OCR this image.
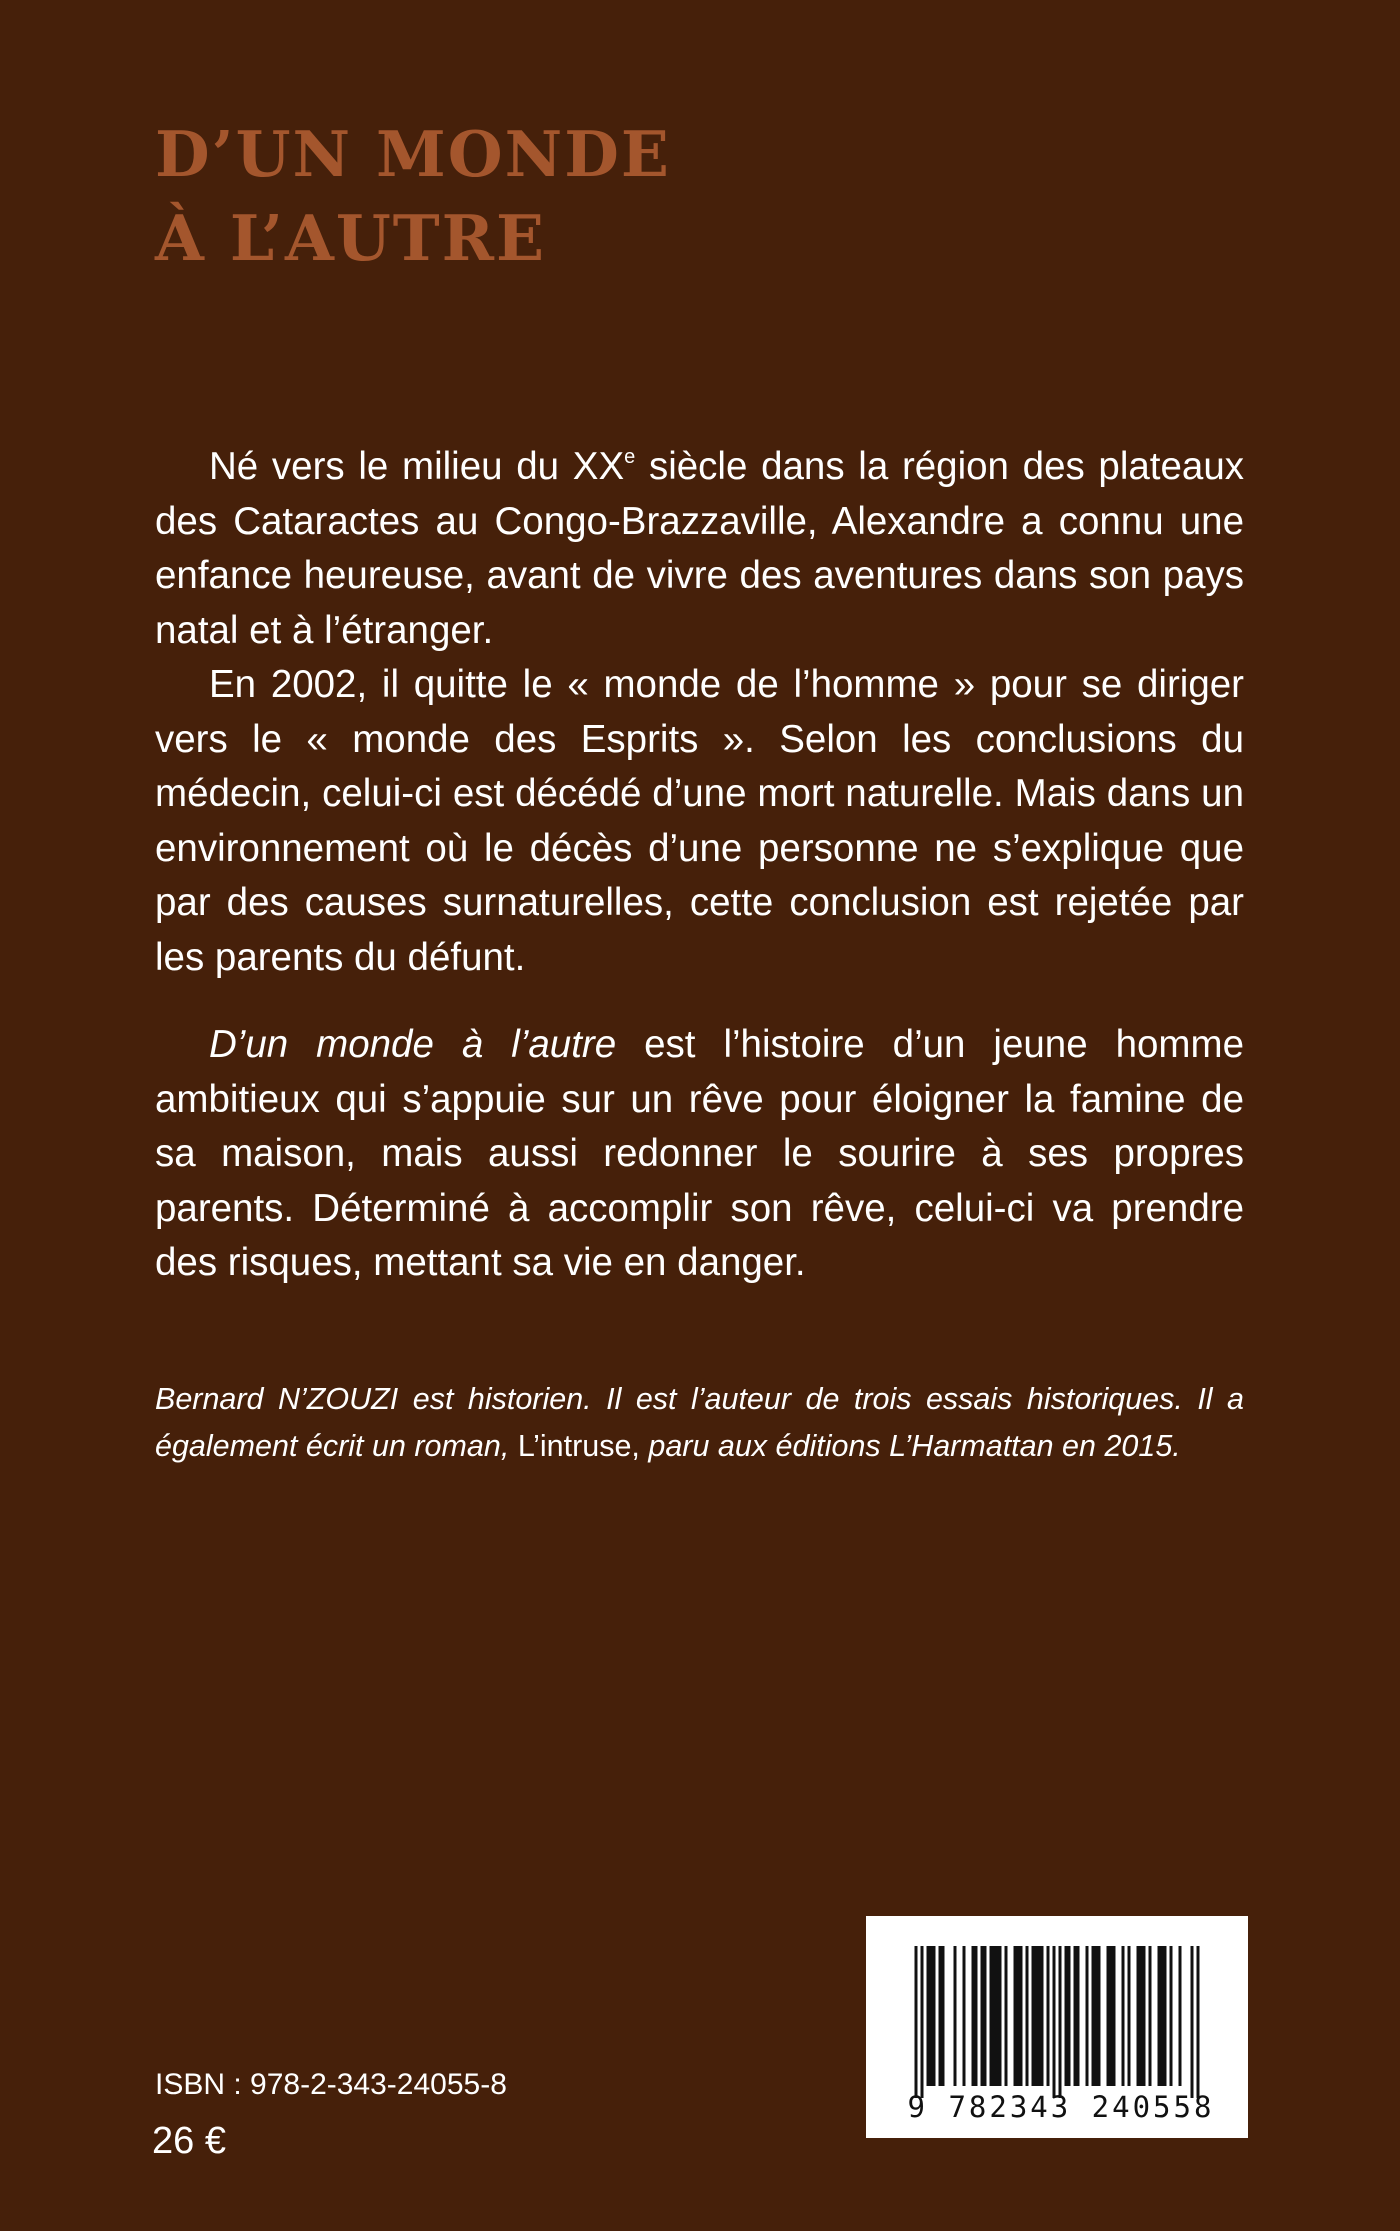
D’UN MONDE
À L’AUTRE

Né vers le milieu du XXe siècle dans la région des plateaux des Cataractes au Congo-Brazzaville, Alexandre a connu une enfance heureuse, avant de vivre des aventures dans son pays natal et à l’étranger.

En 2002, il quitte le « monde de l’homme » pour se diriger vers le « monde des Esprits ». Selon les conclusions du médecin, celui-ci est décédé d’une mort naturelle. Mais dans un environnement où le décès d’une personne ne s’explique que par des causes surnaturelles, cette conclusion est rejetée par les parents du défunt.

D’un monde à l’autre est l’histoire d’un jeune homme ambitieux qui s’appuie sur un rêve pour éloigner la famine de sa maison, mais aussi redonner le sourire à ses propres parents. Déterminé à accomplir son rêve, celui-ci va prendre des risques, mettant sa vie en danger.

Bernard N’ZOUZI est historien. Il est l’auteur de trois essais historiques. Il a également écrit un roman, L’intruse, paru aux éditions L’Harmattan en 2015.

ISBN : 978-2-343-24055-8

26 €

9 782343 240558
